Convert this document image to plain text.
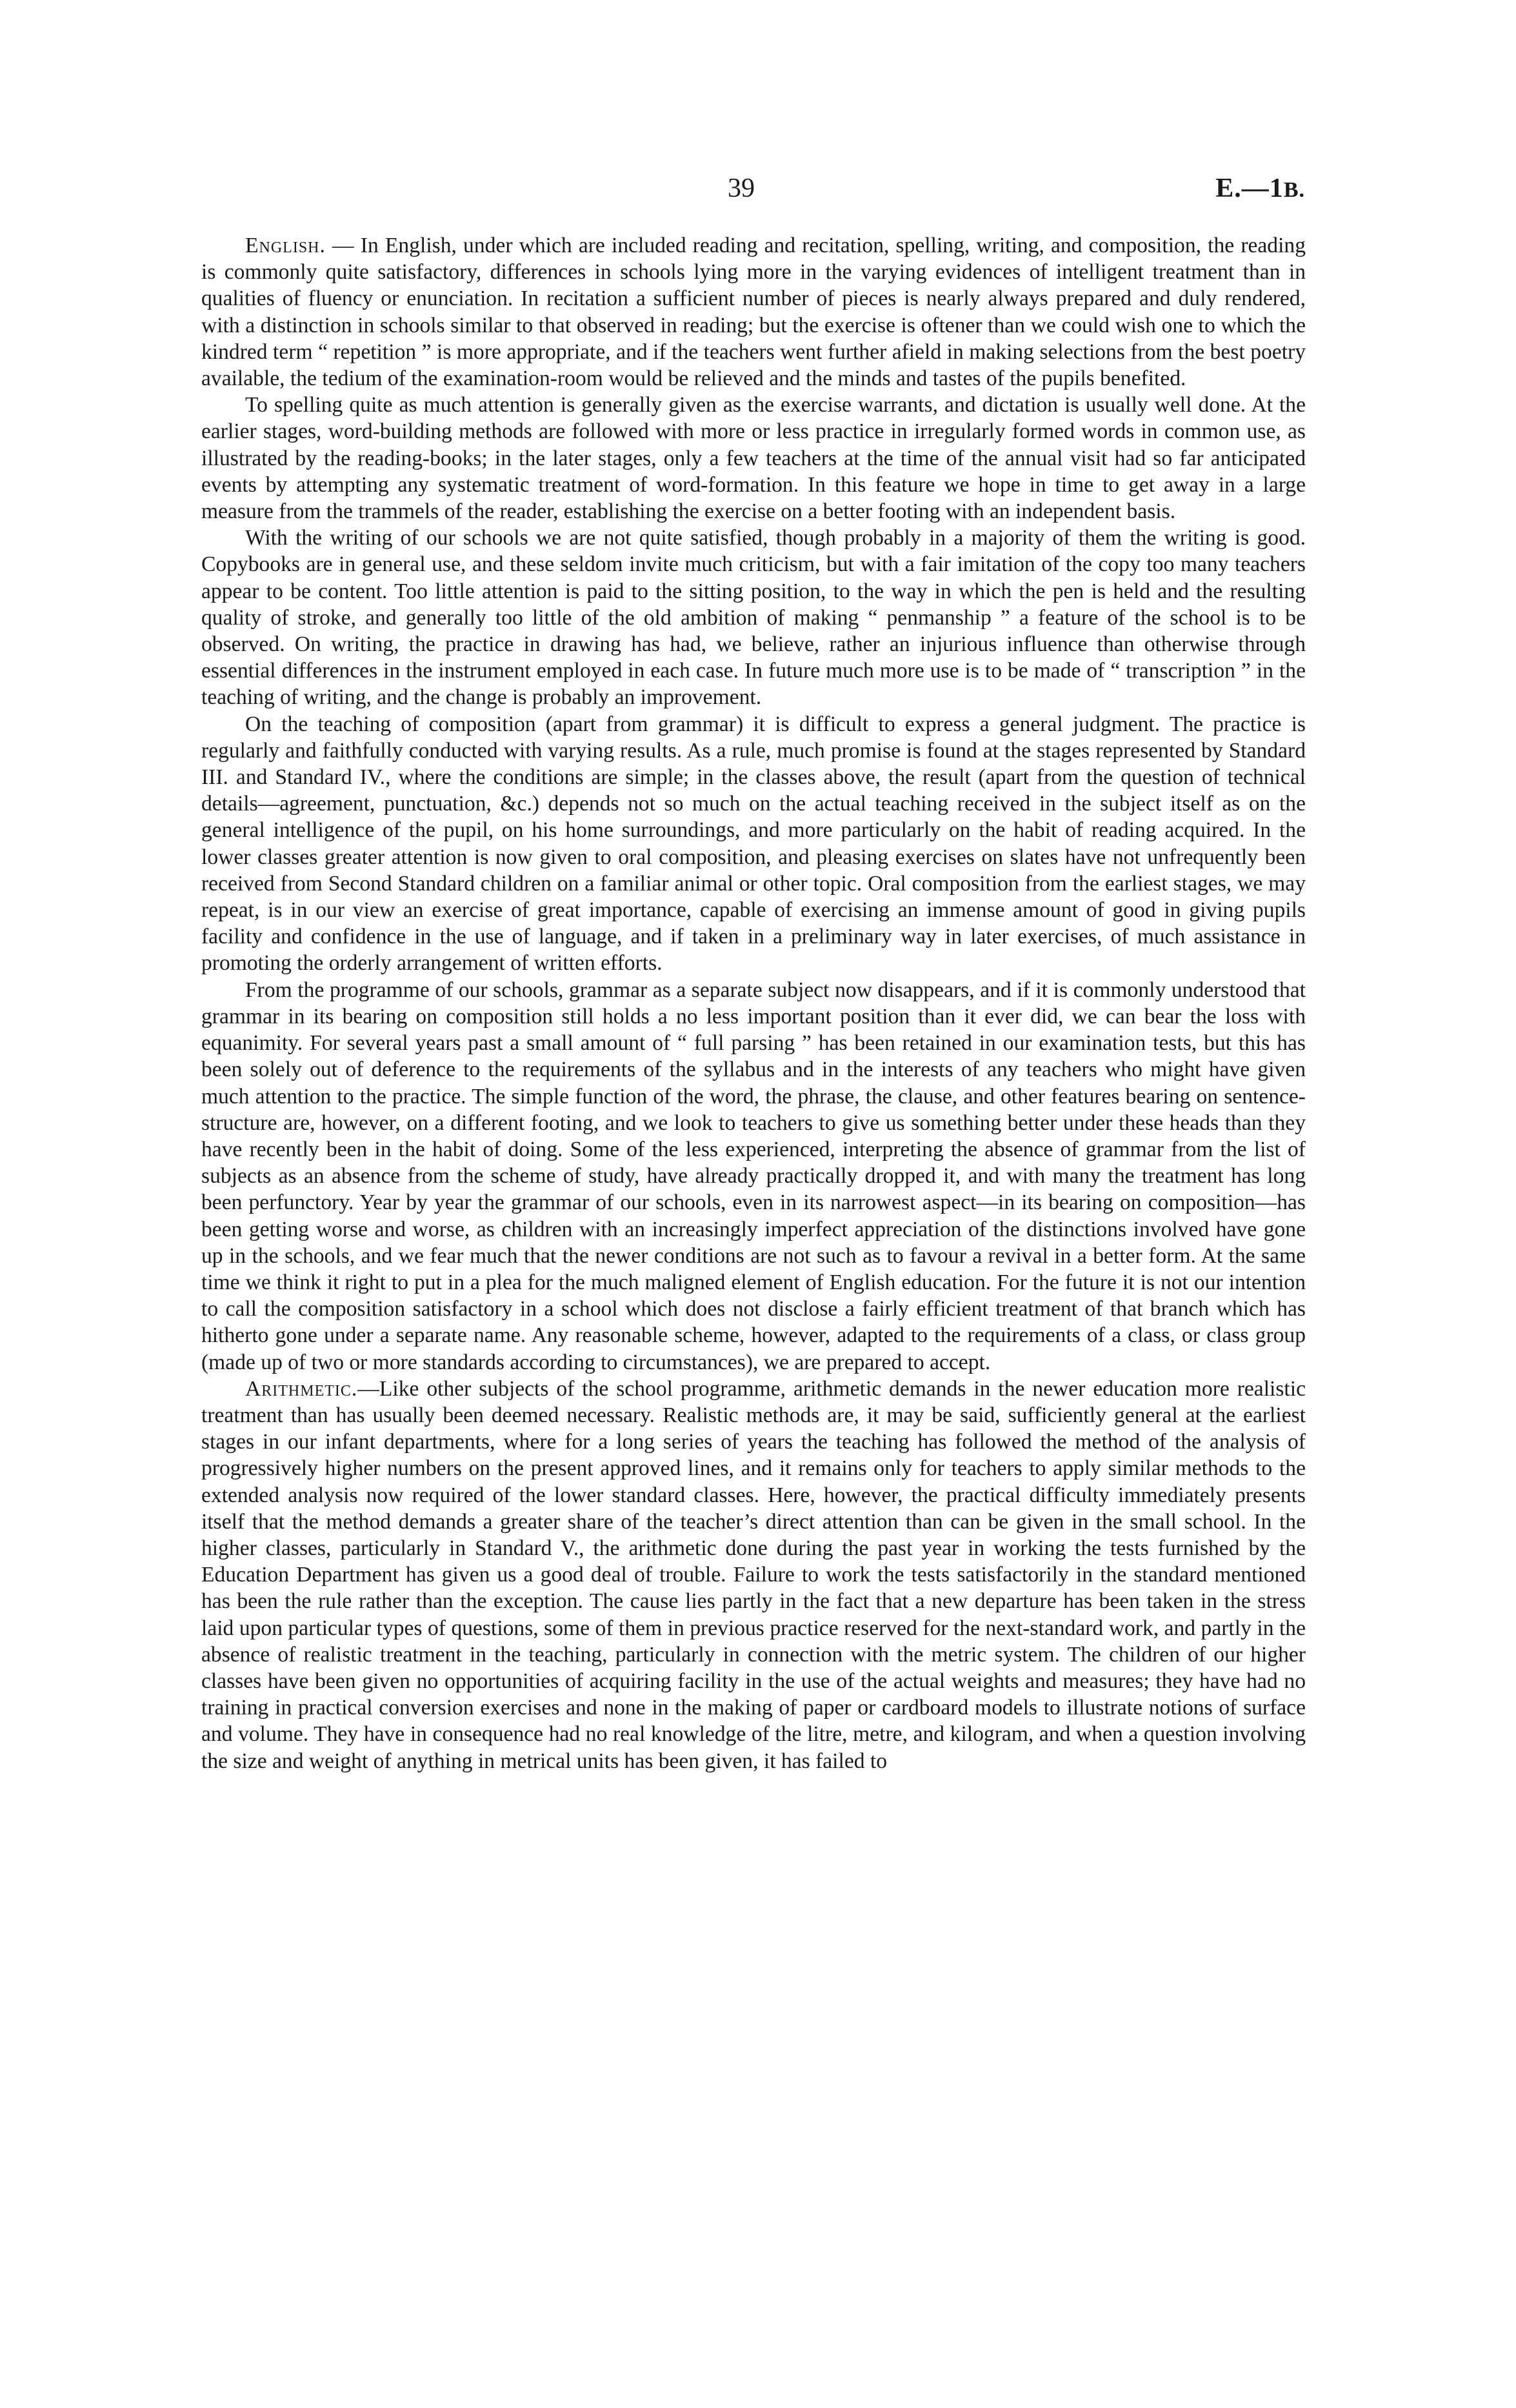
39	E.—1B.

English. — In English, under which are included reading and recitation, spelling, writing, and composition, the reading is commonly quite satisfactory, differences in schools lying more in the varying evidences of intelligent treatment than in qualities of fluency or enunciation. In recitation a sufficient number of pieces is nearly always prepared and duly rendered, with a distinction in schools similar to that observed in reading; but the exercise is oftener than we could wish one to which the kindred term “ repetition ” is more appropriate, and if the teachers went further afield in making selections from the best poetry available, the tedium of the examination-room would be relieved and the minds and tastes of the pupils benefited.

To spelling quite as much attention is generally given as the exercise warrants, and dictation is usually well done. At the earlier stages, word-building methods are followed with more or less practice in irregularly formed words in common use, as illustrated by the reading-books; in the later stages, only a few teachers at the time of the annual visit had so far anticipated events by attempting any systematic treatment of word-formation. In this feature we hope in time to get away in a large measure from the trammels of the reader, establishing the exercise on a better footing with an independent basis.

With the writing of our schools we are not quite satisfied, though probably in a majority of them the writing is good. Copybooks are in general use, and these seldom invite much criticism, but with a fair imitation of the copy too many teachers appear to be content. Too little attention is paid to the sitting position, to the way in which the pen is held and the resulting quality of stroke, and generally too little of the old ambition of making “ penmanship ” a feature of the school is to be observed. On writing, the practice in drawing has had, we believe, rather an injurious influence than otherwise through essential differences in the instrument employed in each case. In future much more use is to be made of “ transcription ” in the teaching of writing, and the change is probably an improvement.

On the teaching of composition (apart from grammar) it is difficult to express a general judgment. The practice is regularly and faithfully conducted with varying results. As a rule, much promise is found at the stages represented by Standard III. and Standard IV., where the conditions are simple; in the classes above, the result (apart from the question of technical details—agreement, punctuation, &c.) depends not so much on the actual teaching received in the subject itself as on the general intelligence of the pupil, on his home surroundings, and more particularly on the habit of reading acquired. In the lower classes greater attention is now given to oral composition, and pleasing exercises on slates have not unfrequently been received from Second Standard children on a familiar animal or other topic. Oral composition from the earliest stages, we may repeat, is in our view an exercise of great importance, capable of exercising an immense amount of good in giving pupils facility and confidence in the use of language, and if taken in a preliminary way in later exercises, of much assistance in promoting the orderly arrangement of written efforts.

From the programme of our schools, grammar as a separate subject now disappears, and if it is commonly understood that grammar in its bearing on composition still holds a no less important position than it ever did, we can bear the loss with equanimity. For several years past a small amount of “ full parsing ” has been retained in our examination tests, but this has been solely out of deference to the requirements of the syllabus and in the interests of any teachers who might have given much attention to the practice. The simple function of the word, the phrase, the clause, and other features bearing on sentence-structure are, however, on a different footing, and we look to teachers to give us something better under these heads than they have recently been in the habit of doing. Some of the less experienced, interpreting the absence of grammar from the list of subjects as an absence from the scheme of study, have already practically dropped it, and with many the treatment has long been perfunctory. Year by year the grammar of our schools, even in its narrowest aspect—in its bearing on composition—has been getting worse and worse, as children with an increasingly imperfect appreciation of the distinctions involved have gone up in the schools, and we fear much that the newer conditions are not such as to favour a revival in a better form. At the same time we think it right to put in a plea for the much maligned element of English education. For the future it is not our intention to call the composition satisfactory in a school which does not disclose a fairly efficient treatment of that branch which has hitherto gone under a separate name. Any reasonable scheme, however, adapted to the requirements of a class, or class group (made up of two or more standards according to circumstances), we are prepared to accept.

Arithmetic.—Like other subjects of the school programme, arithmetic demands in the newer education more realistic treatment than has usually been deemed necessary. Realistic methods are, it may be said, sufficiently general at the earliest stages in our infant departments, where for a long series of years the teaching has followed the method of the analysis of progressively higher numbers on the present approved lines, and it remains only for teachers to apply similar methods to the extended analysis now required of the lower standard classes. Here, however, the practical difficulty immediately presents itself that the method demands a greater share of the teacher’s direct attention than can be given in the small school. In the higher classes, particularly in Standard V., the arithmetic done during the past year in working the tests furnished by the Education Department has given us a good deal of trouble. Failure to work the tests satisfactorily in the standard mentioned has been the rule rather than the exception. The cause lies partly in the fact that a new departure has been taken in the stress laid upon particular types of questions, some of them in previous practice reserved for the next-standard work, and partly in the absence of realistic treatment in the teaching, particularly in connection with the metric system. The children of our higher classes have been given no opportunities of acquiring facility in the use of the actual weights and measures; they have had no training in practical conversion exercises and none in the making of paper or cardboard models to illustrate notions of surface and volume. They have in consequence had no real knowledge of the litre, metre, and kilogram, and when a question involving the size and weight of anything in metrical units has been given, it has failed to
